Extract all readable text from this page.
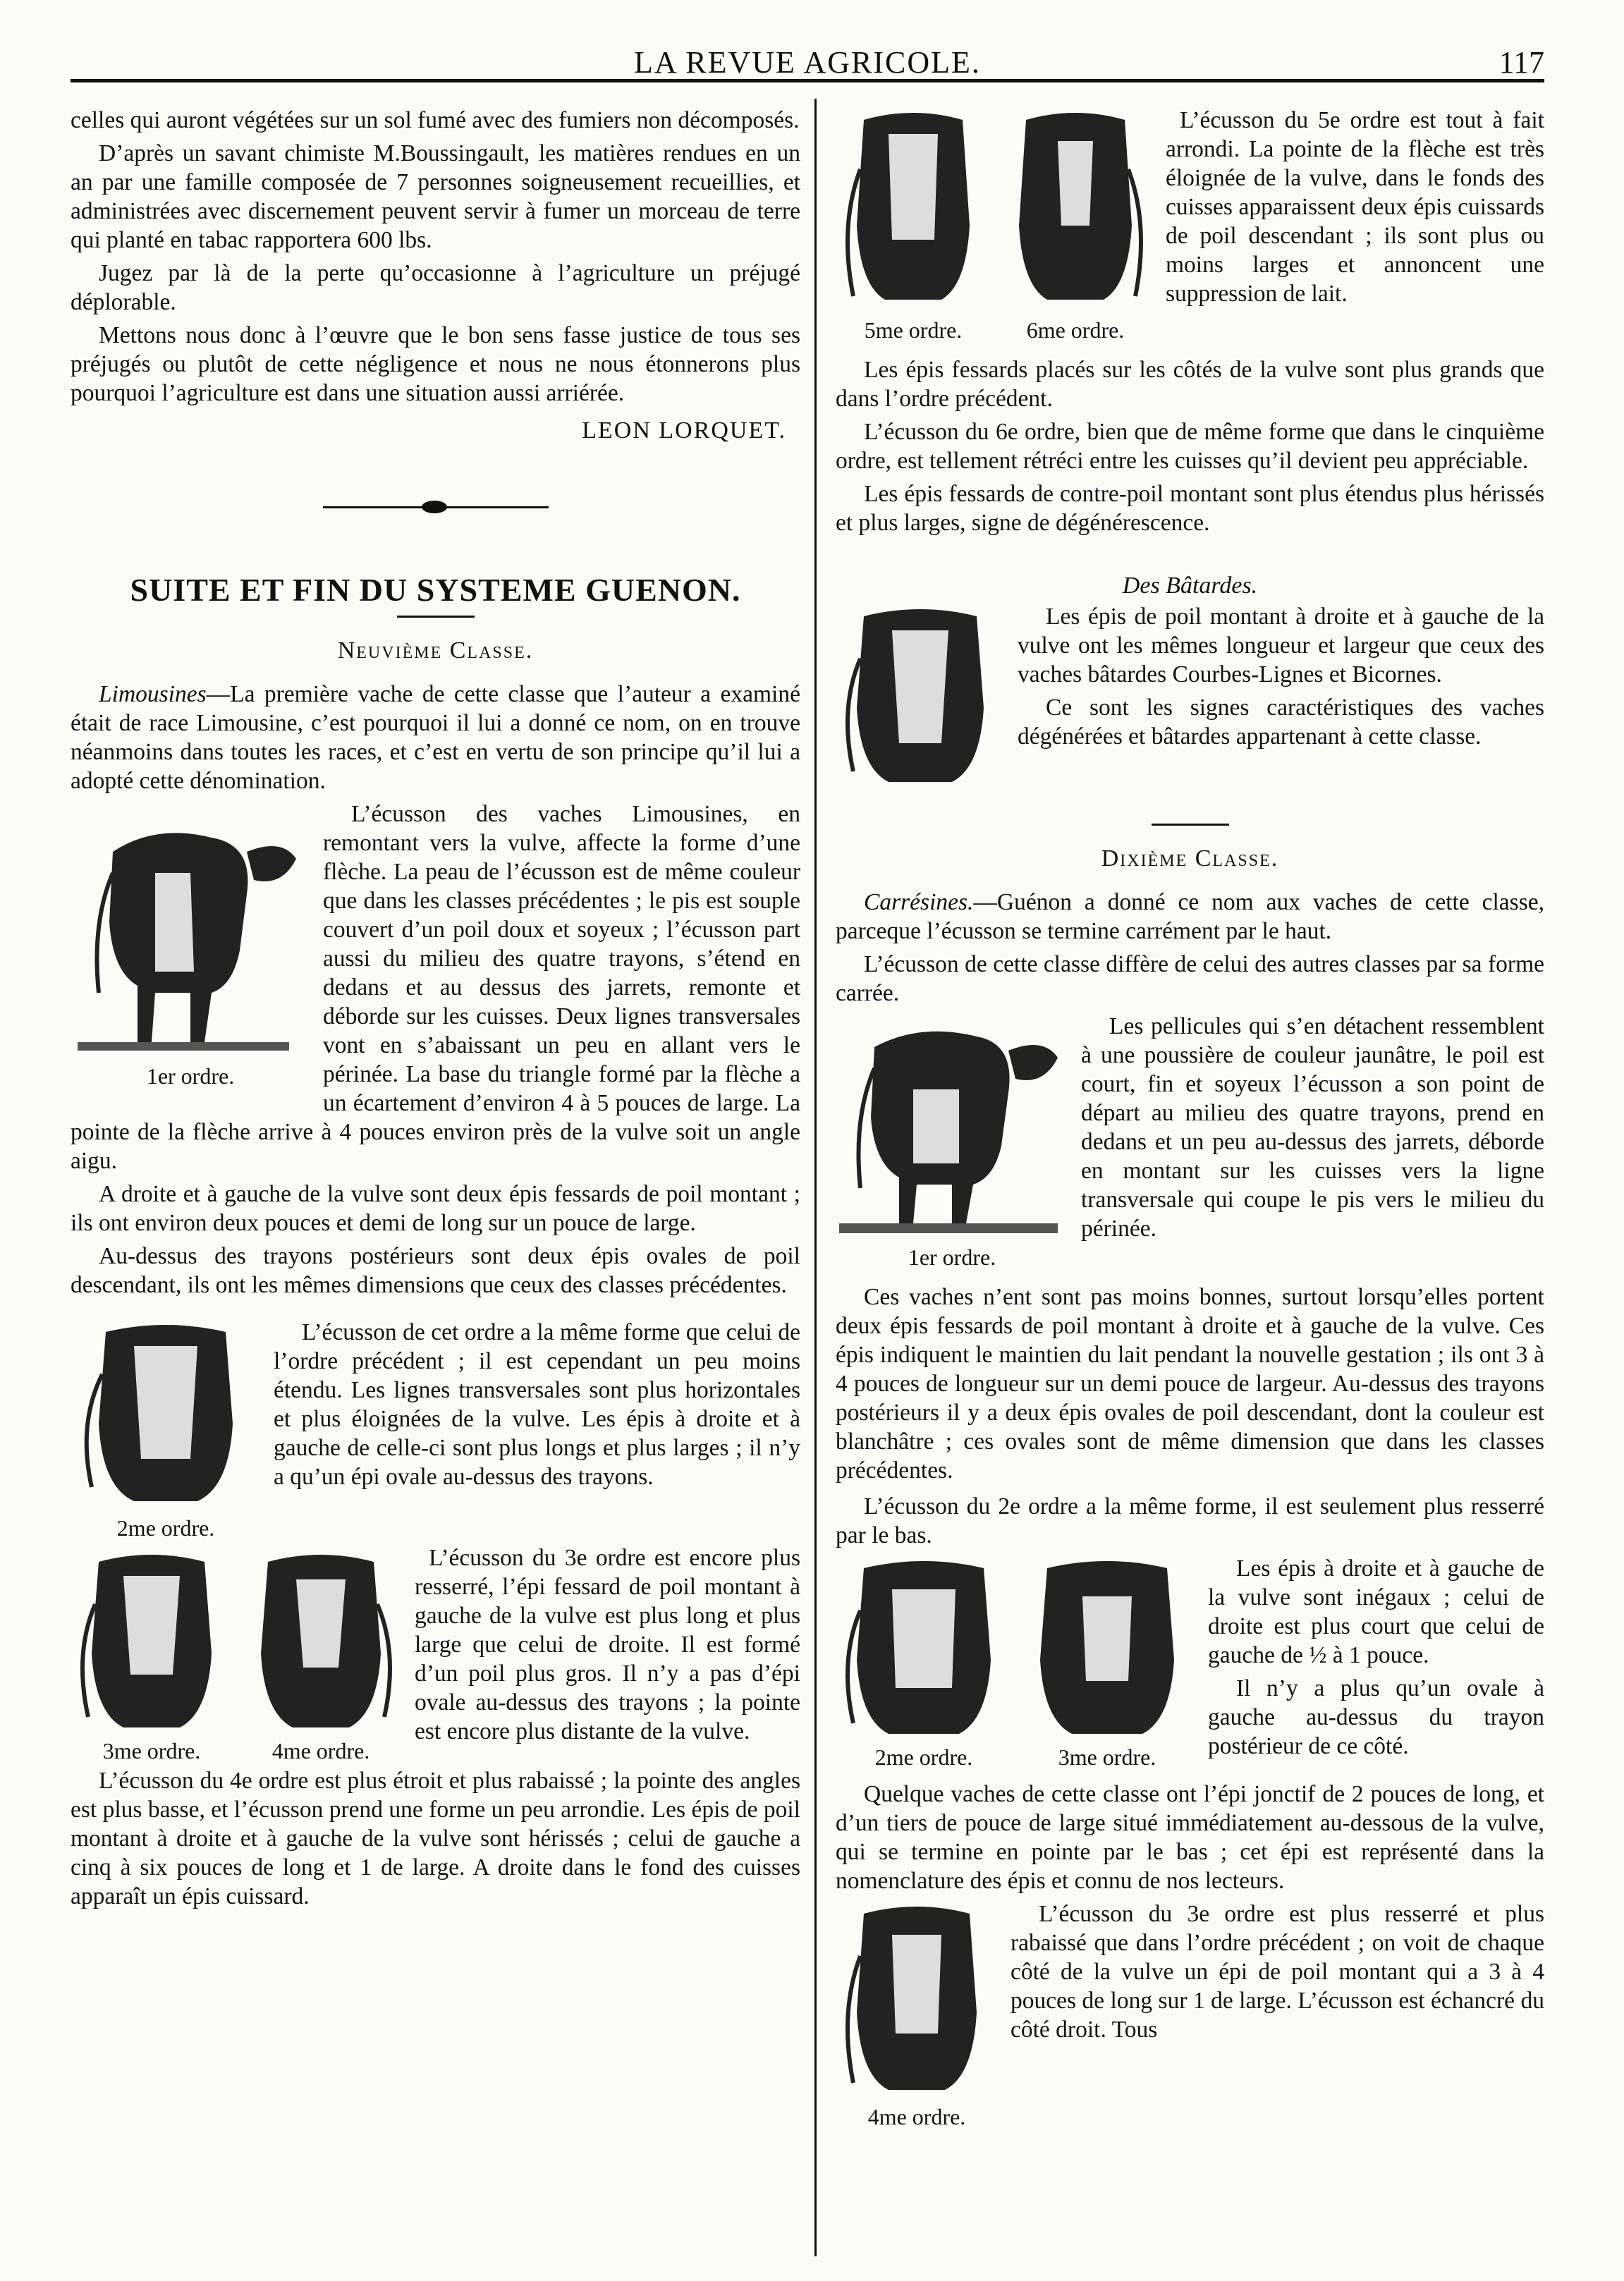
LA REVUE AGRICOLE.	117

celles qui auront végétées sur un sol fumé avec des fumiers non décomposés.

D’après un savant chimiste M.Boussingault, les matières rendues en un an par une famille composée de 7 personnes soigneusement recueillies, et administrées avec discernement peuvent servir à fumer un morceau de terre qui planté en tabac rapportera 600 lbs.

Jugez par là de la perte qu’occasionne à l’agriculture un préjugé déplorable.

Mettons nous donc à l’œuvre que le bon sens fasse justice de tous ses préjugés ou plutôt de cette négligence et nous ne nous étonnerons plus pourquoi l’agriculture est dans une situation aussi arriérée.

LEON LORQUET.
SUITE ET FIN DU SYSTEME GUENON.
Neuvième Classe.

Limousines—La première vache de cette classe que l’auteur a examiné était de race Limousine, c’est pourquoi il lui a donné ce nom, on en trouve néanmoins dans toutes les races, et c’est en vertu de son principe qu’il lui a adopté cette dénomination.

1er ordre.

L’écusson des vaches Limousines, en remontant vers la vulve, affecte la forme d’une flèche. La peau de l’écusson est de même couleur que dans les classes précédentes ; le pis est souple couvert d’un poil doux et soyeux ; l’écusson part aussi du milieu des quatre trayons, s’étend en dedans et au dessus des jarrets, remonte et déborde sur les cuisses. Deux lignes transversales vont en s’abaissant un peu en allant vers le périnée. La base du triangle formé par la flèche a un écartement d’environ 4 à 5 pouces de large. La pointe de la flèche arrive à 4 pouces environ près de la vulve soit un angle aigu.

A droite et à gauche de la vulve sont deux épis fessards de poil montant ; ils ont environ deux pouces et demi de long sur un pouce de large.

Au-dessus des trayons postérieurs sont deux épis ovales de poil descendant, ils ont les mêmes dimensions que ceux des classes précédentes.

2me ordre.

L’écusson de cet ordre a la même forme que celui de l’ordre précédent ; il est cependant un peu moins étendu. Les lignes transversales sont plus horizontales et plus éloignées de la vulve. Les épis à droite et à gauche de celle-ci sont plus longs et plus larges ; il n’y a qu’un épi ovale au-dessus des trayons.

3me ordre.	4me ordre.

L’écusson du 3e ordre est encore plus resserré, l’épi fessard de poil montant à gauche de la vulve est plus long et plus large que celui de droite. Il est formé d’un poil plus gros. Il n’y a pas d’épi ovale au-dessus des trayons ; la pointe est encore plus distante de la vulve.

L’écusson du 4e ordre est plus étroit et plus rabaissé ; la pointe des angles est plus basse, et l’écusson prend une forme un peu arrondie. Les épis de poil montant à droite et à gauche de la vulve sont hérissés ; celui de gauche a cinq à six pouces de long et 1 de large. A droite dans le fond des cuisses apparaît un épis cuissard.

5me ordre.	6me ordre.

L’écusson du 5e ordre est tout à fait arrondi. La pointe de la flèche est très éloignée de la vulve, dans le fonds des cuisses apparaissent deux épis cuissards de poil descendant ; ils sont plus ou moins larges et annoncent une suppression de lait.

Les épis fessards placés sur les côtés de la vulve sont plus grands que dans l’ordre précédent.

L’écusson du 6e ordre, bien que de même forme que dans le cinquième ordre, est tellement rétréci entre les cuisses qu’il devient peu appréciable.

Les épis fessards de contre-poil montant sont plus étendus plus hérissés et plus larges, signe de dégénérescence.

Des Bâtardes.

Les épis de poil montant à droite et à gauche de la vulve ont les mêmes longueur et largeur que ceux des vaches bâtardes Courbes-Lignes et Bicornes.

Ce sont les signes caractéristiques des vaches dégénérées et bâtardes appartenant à cette classe.

Dixième Classe.

Carrésines.—Guénon a donné ce nom aux vaches de cette classe, parceque l’écusson se termine carrément par le haut.

L’écusson de cette classe diffère de celui des autres classes par sa forme carrée.

1er ordre.

Les pellicules qui s’en détachent ressemblent à une poussière de couleur jaunâtre, le poil est court, fin et soyeux l’écusson a son point de départ au milieu des quatre trayons, prend en dedans et un peu au-dessus des jarrets, déborde en montant sur les cuisses vers la ligne transversale qui coupe le pis vers le milieu du périnée.

Ces vaches n’ent sont pas moins bonnes, surtout lorsqu’elles portent deux épis fessards de poil montant à droite et à gauche de la vulve. Ces épis indiquent le maintien du lait pendant la nouvelle gestation ; ils ont 3 à 4 pouces de longueur sur un demi pouce de largeur. Au-dessus des trayons postérieurs il y a deux épis ovales de poil descendant, dont la couleur est blanchâtre ; ces ovales sont de même dimension que dans les classes précédentes.

L’écusson du 2e ordre a la même forme, il est seulement plus resserré par le bas.

2me ordre.	3me ordre.

Les épis à droite et à gauche de la vulve sont inégaux ; celui de droite est plus court que celui de gauche de ½ à 1 pouce.

Il n’y a plus qu’un ovale à gauche au-dessus du trayon postérieur de ce côté.

Quelque vaches de cette classe ont l’épi jonctif de 2 pouces de long, et d’un tiers de pouce de large situé immédiatement au-dessous de la vulve, qui se termine en pointe par le bas ; cet épi est représenté dans la nomenclature des épis et connu de nos lecteurs.

4me ordre.

L’écusson du 3e ordre est plus resserré et plus rabaissé que dans l’ordre précédent ; on voit de chaque côté de la vulve un épi de poil montant qui a 3 à 4 pouces de long sur 1 de large. L’écusson est échancré du côté droit. Tous
